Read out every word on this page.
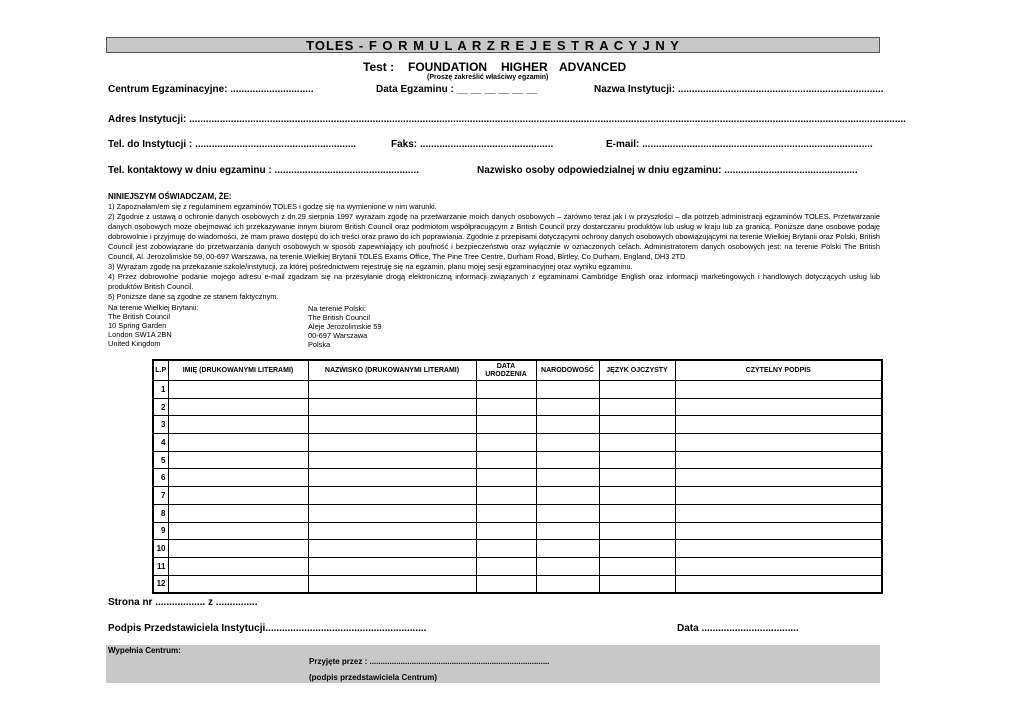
TOLES - F O R M U L A R Z R E J E S T R A C Y J N Y
Test : FOUNDATION HIGHER ADVANCED
(Proszę zakreślić właściwy egzamin)
Centrum Egzaminacyjne: ..............................	Data Egzaminu : __ __ __ __ __ __	Nazwa Instytucji: ..........................................................................
Adres Instytucji: ..................................................................................................................................................................................................................................................................
Tel. do Instytucji : ..........................................................	Faks: ................................................	E-mail: ...................................................................................
Tel. kontaktowy w dniu egzaminu : ....................................................	Nazwisko osoby odpowiedzialnej w dniu egzaminu: ................................................

NINIEJSZYM OŚWIADCZAM, ŻE:

1) Zapoznałam/em się z regulaminem egzaminów TOLES i godzę się na wymienione w nim warunki.

2) Zgodnie z ustawą o ochronie danych osobowych z dn.29 sierpnia 1997 wyrażam zgodę na przetwarzanie moich danych osobowych – zarówno teraz jak i w przyszłości – dla potrzeb administracji egzaminów TOLES. Przetwarzanie danych osobowych może obejmować ich przekazywanie innym biurom British Council oraz podmiotom współpracującym z British Council przy dostarczaniu produktów lub usług w kraju lub za granicą. Poniższe dane osobowe podaję dobrowolnie i przyjmuję do wiadomości, że mam prawo dostępu do ich treści oraz prawo do ich poprawiania. Zgodnie z przepisami dotyczącymi ochrony danych osobowych obowiązującymi na terenie Wielkiej Brytanii oraz Polski, British Council jest zobowiązane do przetwarzania danych osobowych w sposób zapewniający ich poufność i bezpieczeństwo oraz wyłącznie w oznaczonych celach. Administratorem danych osobowych jest: na terenie Polski The British Council, Al. Jerozolimskie 59, 00-697 Warszawa, na terenie Wielkiej Brytanii TOLES Exams Office, The Pine Tree Centre, Durham Road, Birtley, Co Durham, England, DH3 2TD

3) Wyrażam zgodę na przekazanie szkole/instytucji, za której pośrednictwem rejestruję się na egzamin, planu mojej sesji egzaminacyjnej oraz wyniku egzaminu.

4) Przez dobrowolne podanie mojego adresu e-mail zgadzam się na przesyłanie drogą elektroniczną informacji związanych z egzaminami Cambridge English oraz informacji marketingowych i handlowych dotyczących usług lub produktów British Council.

5) Poniższe dane są zgodne ze stanem faktycznym.

Na terenie Wielkiej Brytanii:
The British Council
10 Spring Garden
London SW1A 2BN
United Kingdom
Na terenie Polski:
The British Council
Aleje Jerozolimskie 59
00-697 Warszawa
Polska
L.P	IMIĘ (DRUKOWANYMI LITERAMI)	NAZWISKO (DRUKOWANYMI LITERAMI)	DATA URODZENIA	NARODOWOŚĆ	JĘZYK OJCZYSTY	CZYTELNY PODPIS
1						
2						
3						
4						
5						
6						
7						
8						
9						
10						
11						
12						
Strona nr .................. z ...............
Podpis Przedstawiciela Instytucji..........................................................	Data ...................................
Wypełnia Centrum:
Przyjęte przez : .................................................................................
(podpis przedstawiciela Centrum)
